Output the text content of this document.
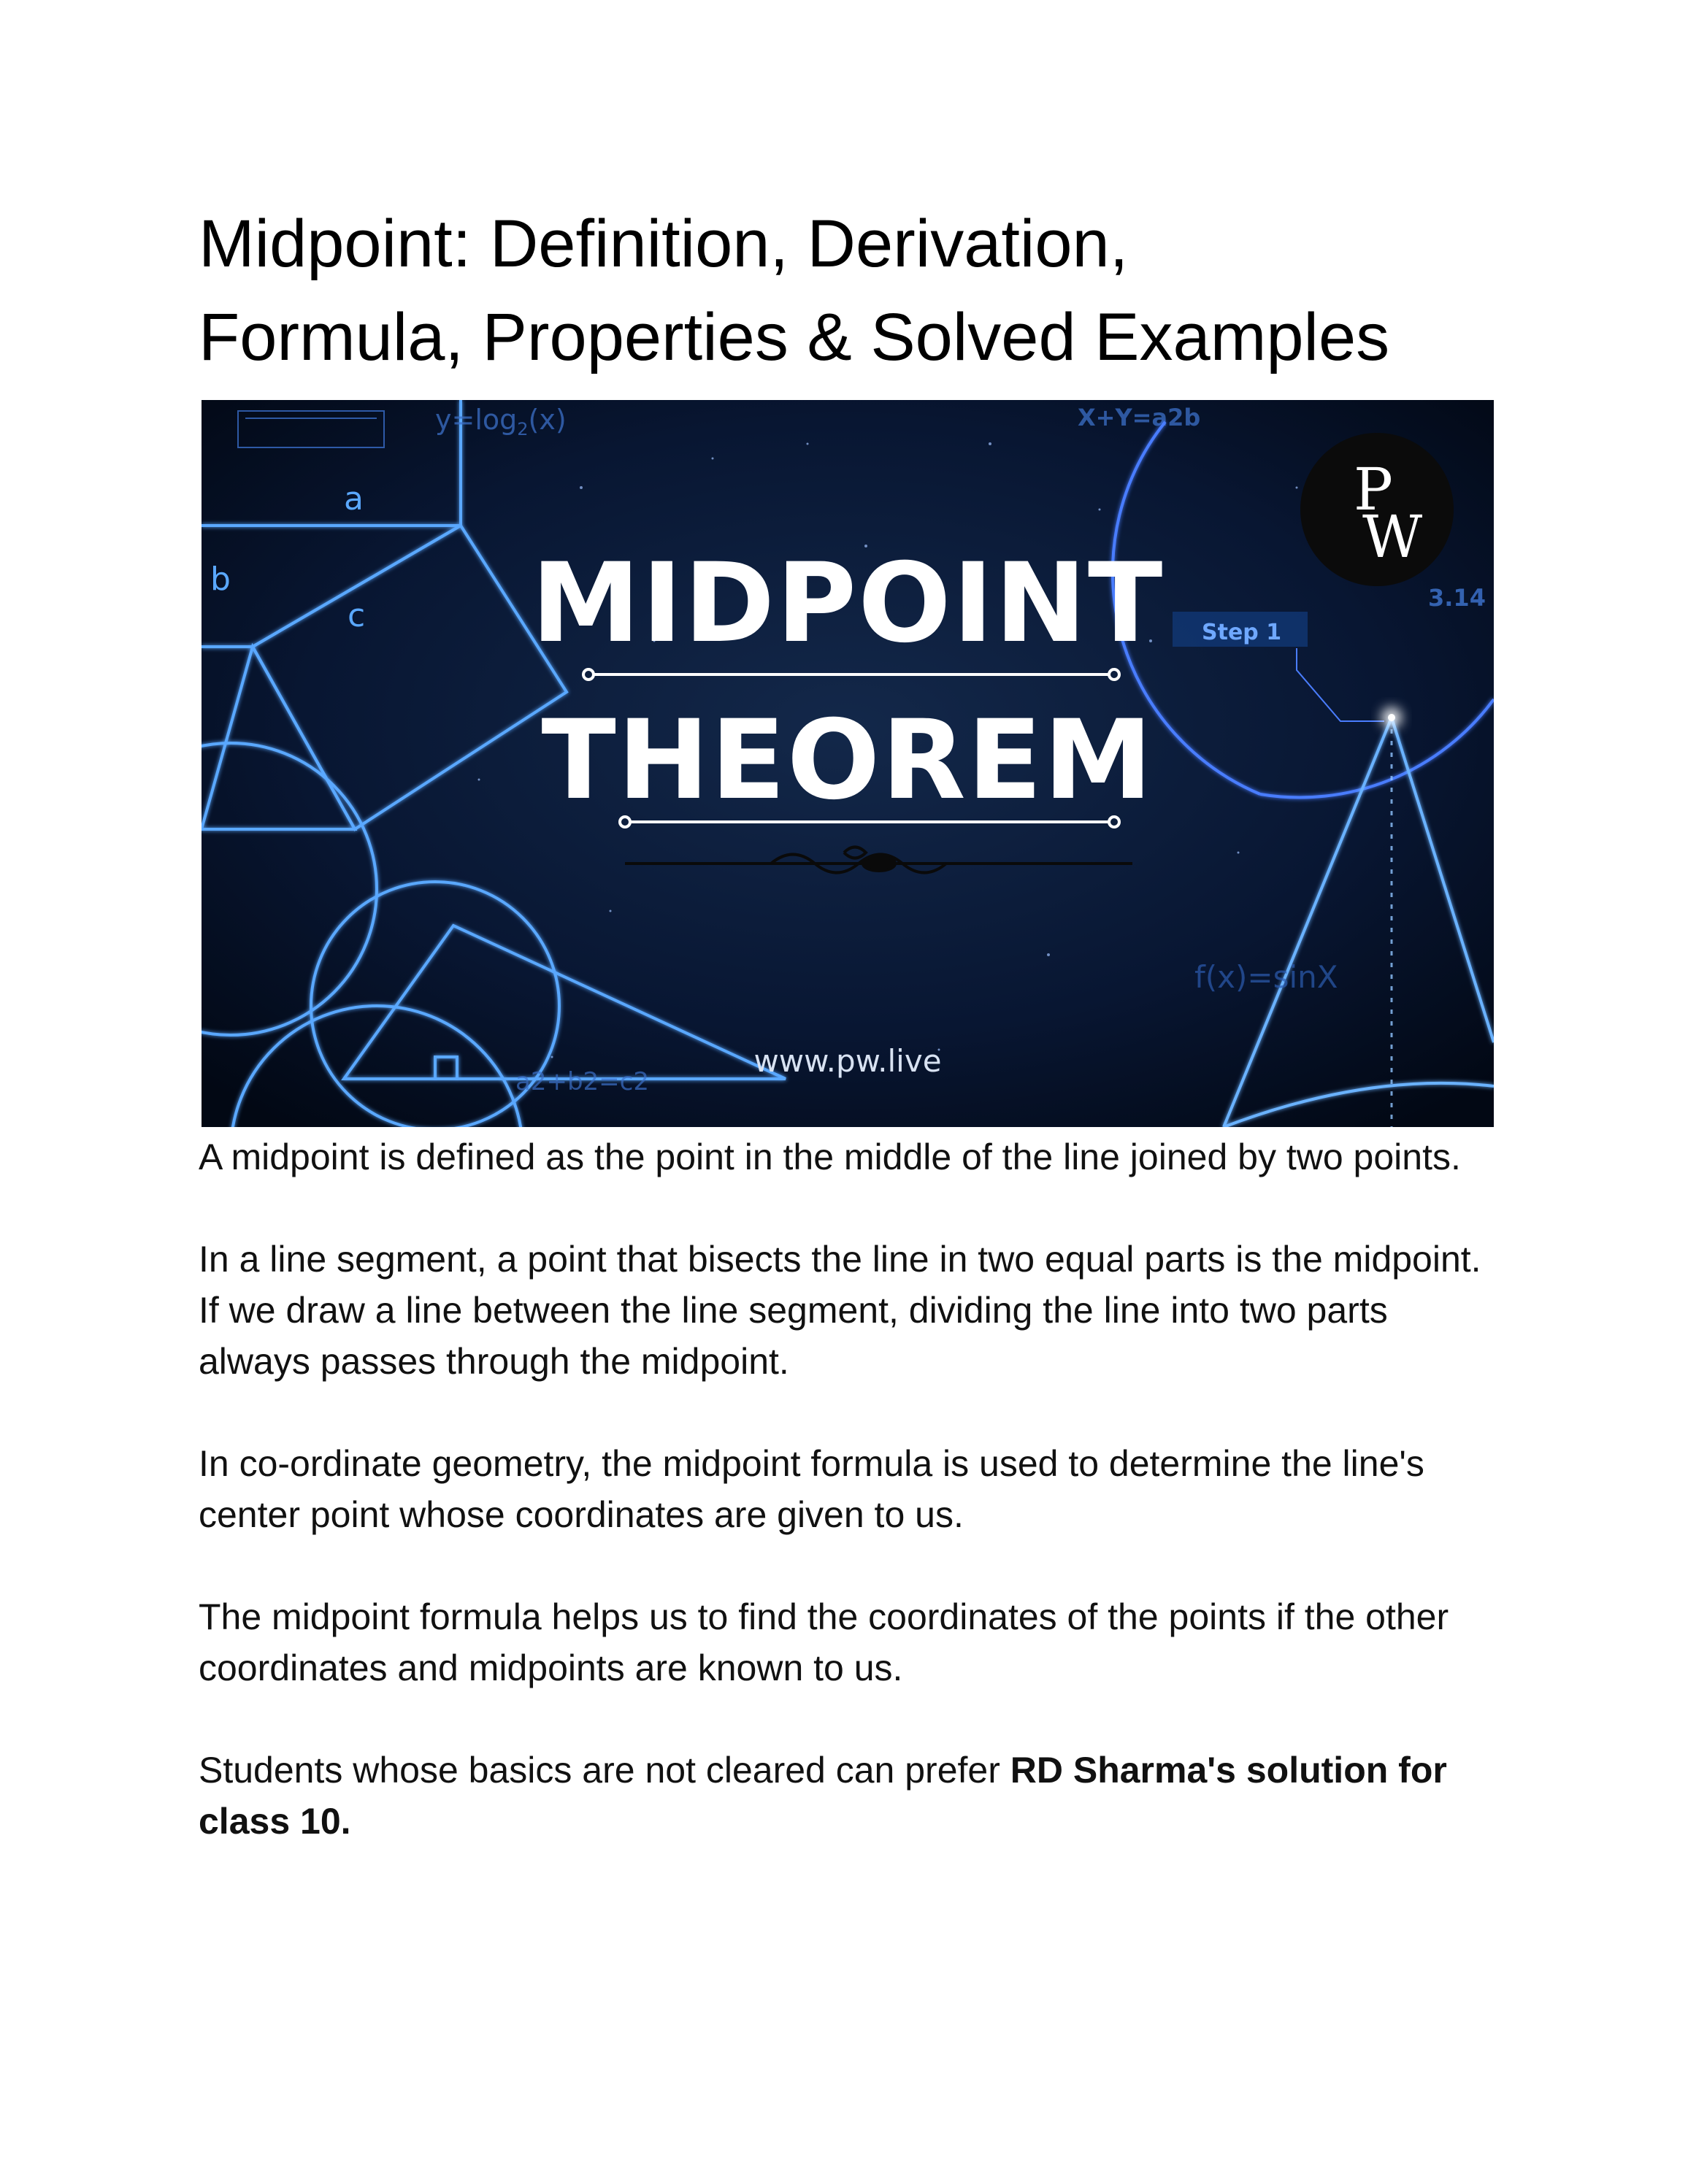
Midpoint: Definition, Derivation,
Formula, Properties & Solved Examples
a
b
c
$y=\log_2(x)$	X+Y=a2b
a2+b2=c2
Step 1
3.14
f(x)=sinX
P
W
MIDPOINT
THEOREM
www.pw.live

A midpoint is defined as the point in the middle of the line joined by two points.

In a line segment, a point that bisects the line in two equal parts is the midpoint. If we draw a line between the line segment, dividing the line into two parts always passes through the midpoint.

In co-ordinate geometry, the midpoint formula is used to determine the line's center point whose coordinates are given to us.

The midpoint formula helps us to find the coordinates of the points if the other coordinates and midpoints are known to us.

Students whose basics are not cleared can prefer RD Sharma's solution for class 10.
